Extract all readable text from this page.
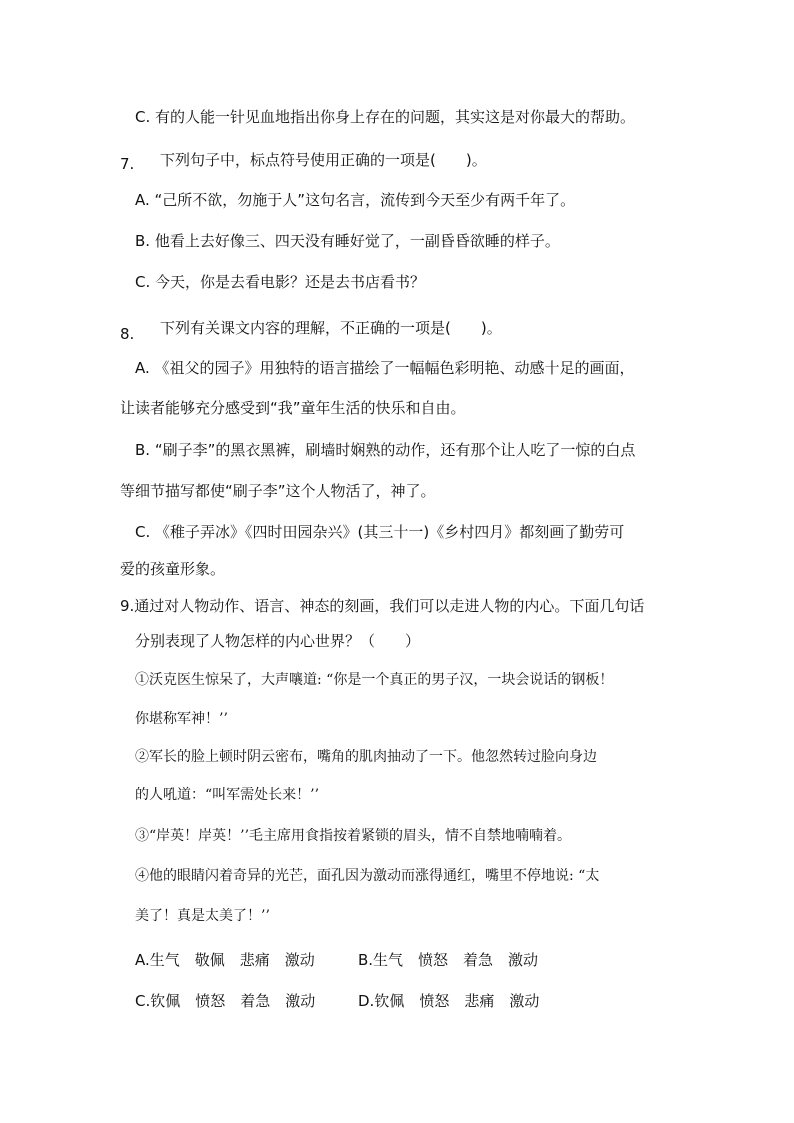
C. 有的人能一针见血地指出你身上存在的问题，其实这是对你最大的帮助。
7. 下列句子中，标点符号使用正确的一项是(　　)。
A. “己所不欲，勿施于人”这句名言，流传到今天至少有两千年了。
B. 他看上去好像三、四天没有睡好觉了，一副昏昏欲睡的样子。
C. 今天，你是去看电影？还是去书店看书？
8. 下列有关课文内容的理解，不正确的一项是(　　)。
A. 《祖父的园子》用独特的语言描绘了一幅幅色彩明艳、动感十足的画面，
让读者能够充分感受到“我”童年生活的快乐和自由。
B. “刷子李”的黑衣黑裤，刷墙时娴熟的动作，还有那个让人吃了一惊的白点
等细节描写都使“刷子李”这个人物活了，神了。
C. 《稚子弄冰》《四时田园杂兴》(其三十一)《乡村四月》都刻画了勤劳可
爱的孩童形象。
9.通过对人物动作、语言、神态的刻画，我们可以走进人物的内心。下面几句话
分别表现了人物怎样的内心世界？（　　）
①沃克医生惊呆了，大声嚷道: “你是一个真正的男子汉，一块会说话的钢板！
你堪称军神！’’
②军长的脸上顿时阴云密布，嘴角的肌肉抽动了一下。他忽然转过脸向身边
的人吼道：“叫军需处长来！’’
③“岸英！岸英！’’毛主席用食指按着紧锁的眉头，情不自禁地喃喃着。
④他的眼睛闪着奇异的光芒，面孔因为激动而涨得通红，嘴里不停地说: “太
美了！真是太美了！’’
A.生气　敬佩　悲痛　激动	B.生气　愤怒　着急　激动
C.钦佩　愤怒　着急　激动	D.钦佩　愤怒　悲痛　激动
